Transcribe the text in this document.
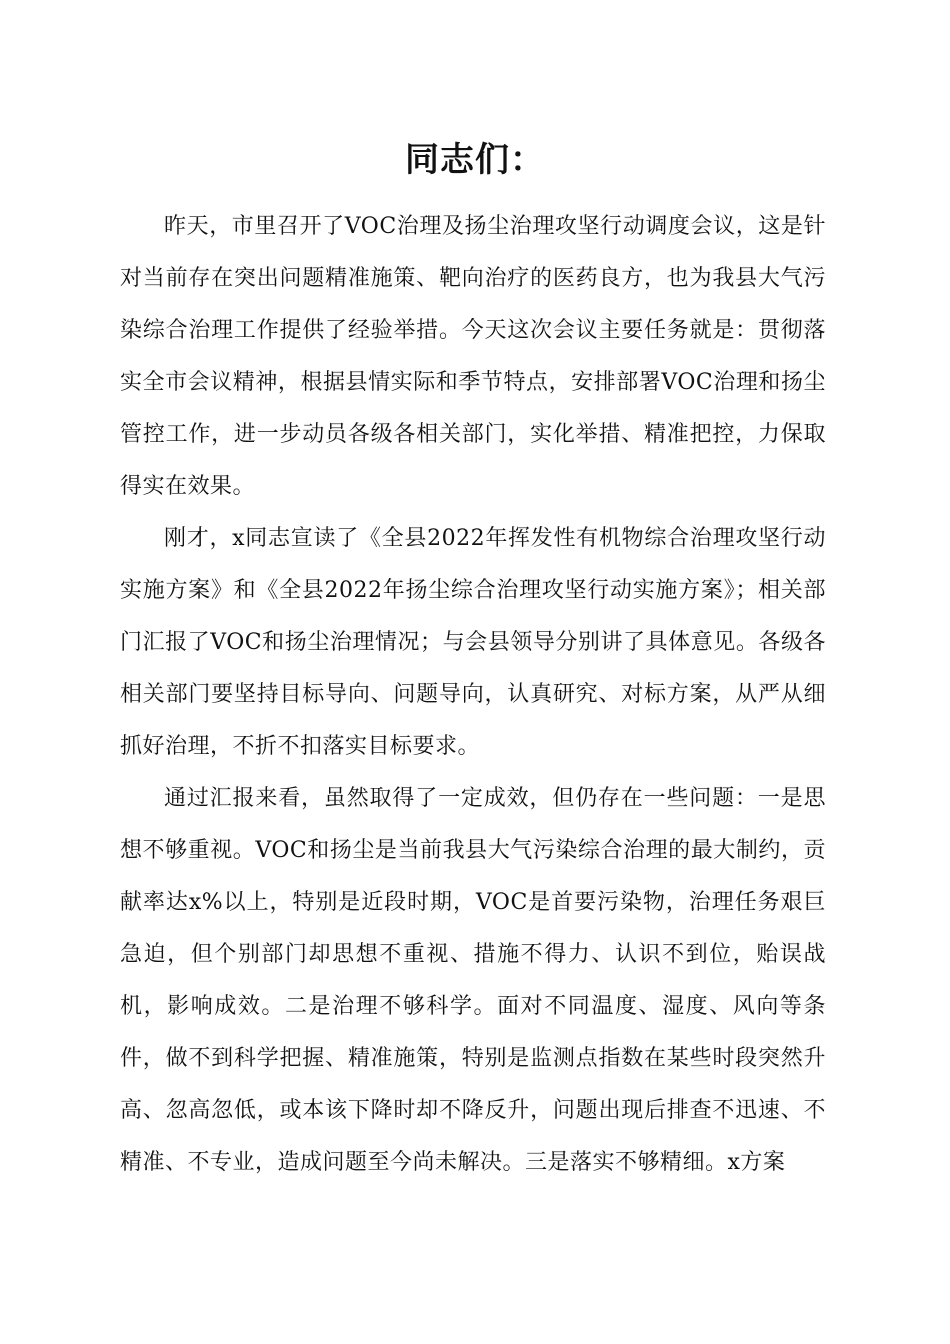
同志们：

昨天，市里召开了VOC治理及扬尘治理攻坚行动调度会议，这是针对当前存在突出问题精准施策、靶向治疗的医药良方，也为我县大气污染综合治理工作提供了经验举措。今天这次会议主要任务就是：贯彻落实全市会议精神，根据县情实际和季节特点，安排部署VOC治理和扬尘管控工作，进一步动员各级各相关部门，实化举措、精准把控，力保取得实在效果。

刚才，x同志宣读了《全县2022年挥发性有机物综合治理攻坚行动实施方案》和《全县2022年扬尘综合治理攻坚行动实施方案》；相关部门汇报了VOC和扬尘治理情况；与会县领导分别讲了具体意见。各级各相关部门要坚持目标导向、问题导向，认真研究、对标方案，从严从细抓好治理，不折不扣落实目标要求。

通过汇报来看，虽然取得了一定成效，但仍存在一些问题：一是思想不够重视。VOC和扬尘是当前我县大气污染综合治理的最大制约，贡献率达x%以上，特别是近段时期，VOC是首要污染物，治理任务艰巨急迫，但个别部门却思想不重视、措施不得力、认识不到位，贻误战机，影响成效。二是治理不够科学。面对不同温度、湿度、风向等条件，做不到科学把握、精准施策，特别是监测点指数在某些时段突然升高、忽高忽低，或本该下降时却不降反升，问题出现后排查不迅速、不精准、不专业，造成问题至今尚未解决。三是落实不够精细。x方案
